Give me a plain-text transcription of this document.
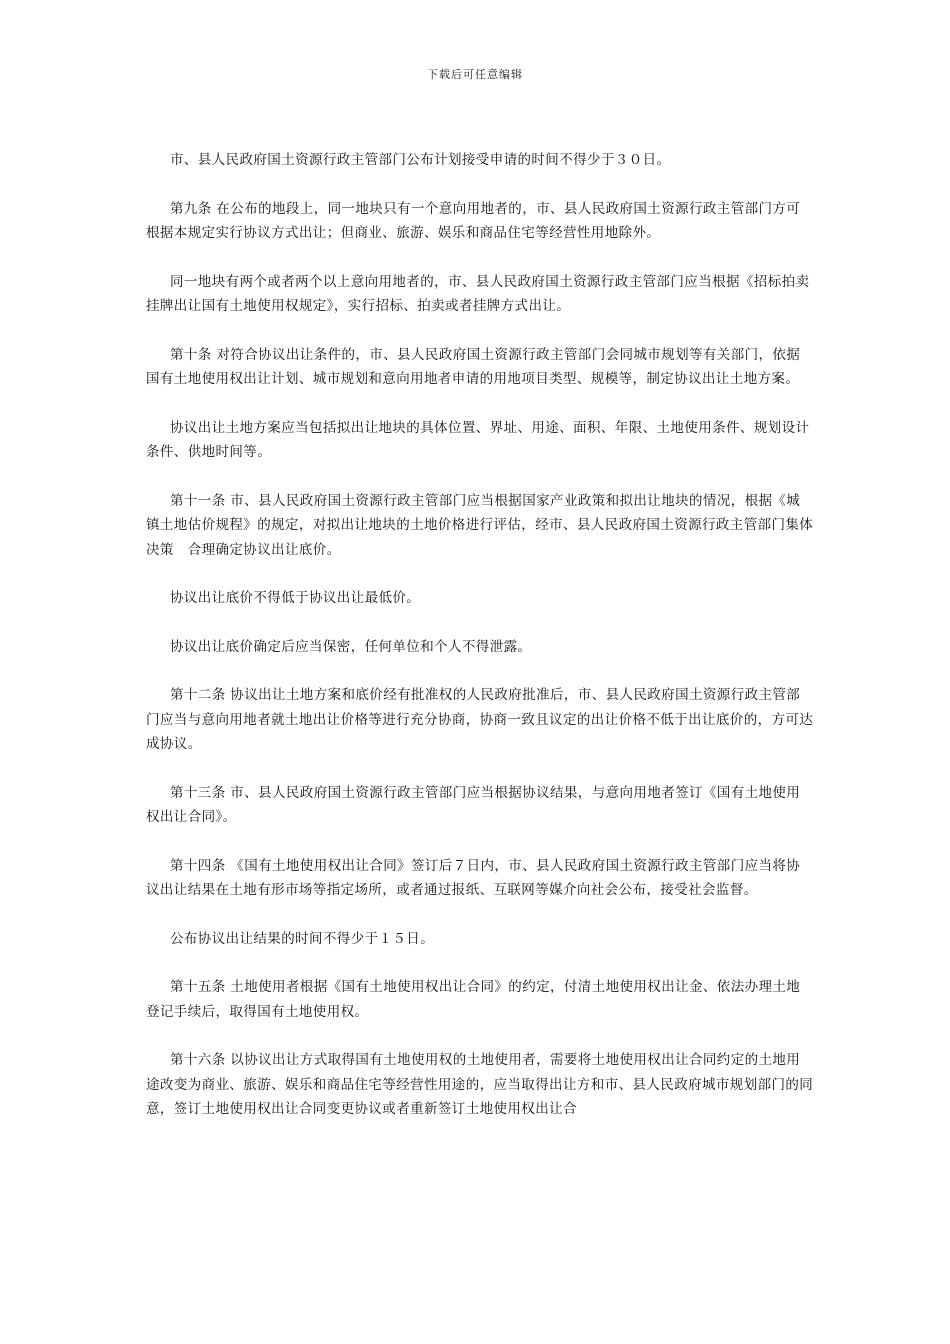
下载后可任意编辑

市、县人民政府国土资源行政主管部门公布计划接受申请的时间不得少于３０日。

第九条 在公布的地段上，同一地块只有一个意向用地者的，市、县人民政府国土资源行政主管部门方可根据本规定实行协议方式出让；但商业、旅游、娱乐和商品住宅等经营性用地除外。

同一地块有两个或者两个以上意向用地者的，市、县人民政府国土资源行政主管部门应当根据《招标拍卖挂牌出让国有土地使用权规定》，实行招标、拍卖或者挂牌方式出让。

第十条 对符合协议出让条件的，市、县人民政府国土资源行政主管部门会同城市规划等有关部门，依据国有土地使用权出让计划、城市规划和意向用地者申请的用地项目类型、规模等，制定协议出让土地方案。

协议出让土地方案应当包括拟出让地块的具体位置、界址、用途、面积、年限、土地使用条件、规划设计条件、供地时间等。

第十一条 市、县人民政府国土资源行政主管部门应当根据国家产业政策和拟出让地块的情况，根据《城镇土地估价规程》的规定，对拟出让地块的土地价格进行评估，经市、县人民政府国土资源行政主管部门集体决策　合理确定协议出让底价。

协议出让底价不得低于协议出让最低价。

协议出让底价确定后应当保密，任何单位和个人不得泄露。

第十二条 协议出让土地方案和底价经有批准权的人民政府批准后，市、县人民政府国土资源行政主管部门应当与意向用地者就土地出让价格等进行充分协商，协商一致且议定的出让价格不低于出让底价的，方可达成协议。

第十三条 市、县人民政府国土资源行政主管部门应当根据协议结果，与意向用地者签订《国有土地使用权出让合同》。

第十四条 《国有土地使用权出让合同》签订后７日内，市、县人民政府国土资源行政主管部门应当将协议出让结果在土地有形市场等指定场所，或者通过报纸、互联网等媒介向社会公布，接受社会监督。

公布协议出让结果的时间不得少于１５日。

第十五条 土地使用者根据《国有土地使用权出让合同》的约定，付清土地使用权出让金、依法办理土地登记手续后，取得国有土地使用权。

第十六条 以协议出让方式取得国有土地使用权的土地使用者，需要将土地使用权出让合同约定的土地用途改变为商业、旅游、娱乐和商品住宅等经营性用途的，应当取得出让方和市、县人民政府城市规划部门的同意，签订土地使用权出让合同变更协议或者重新签订土地使用权出让合
